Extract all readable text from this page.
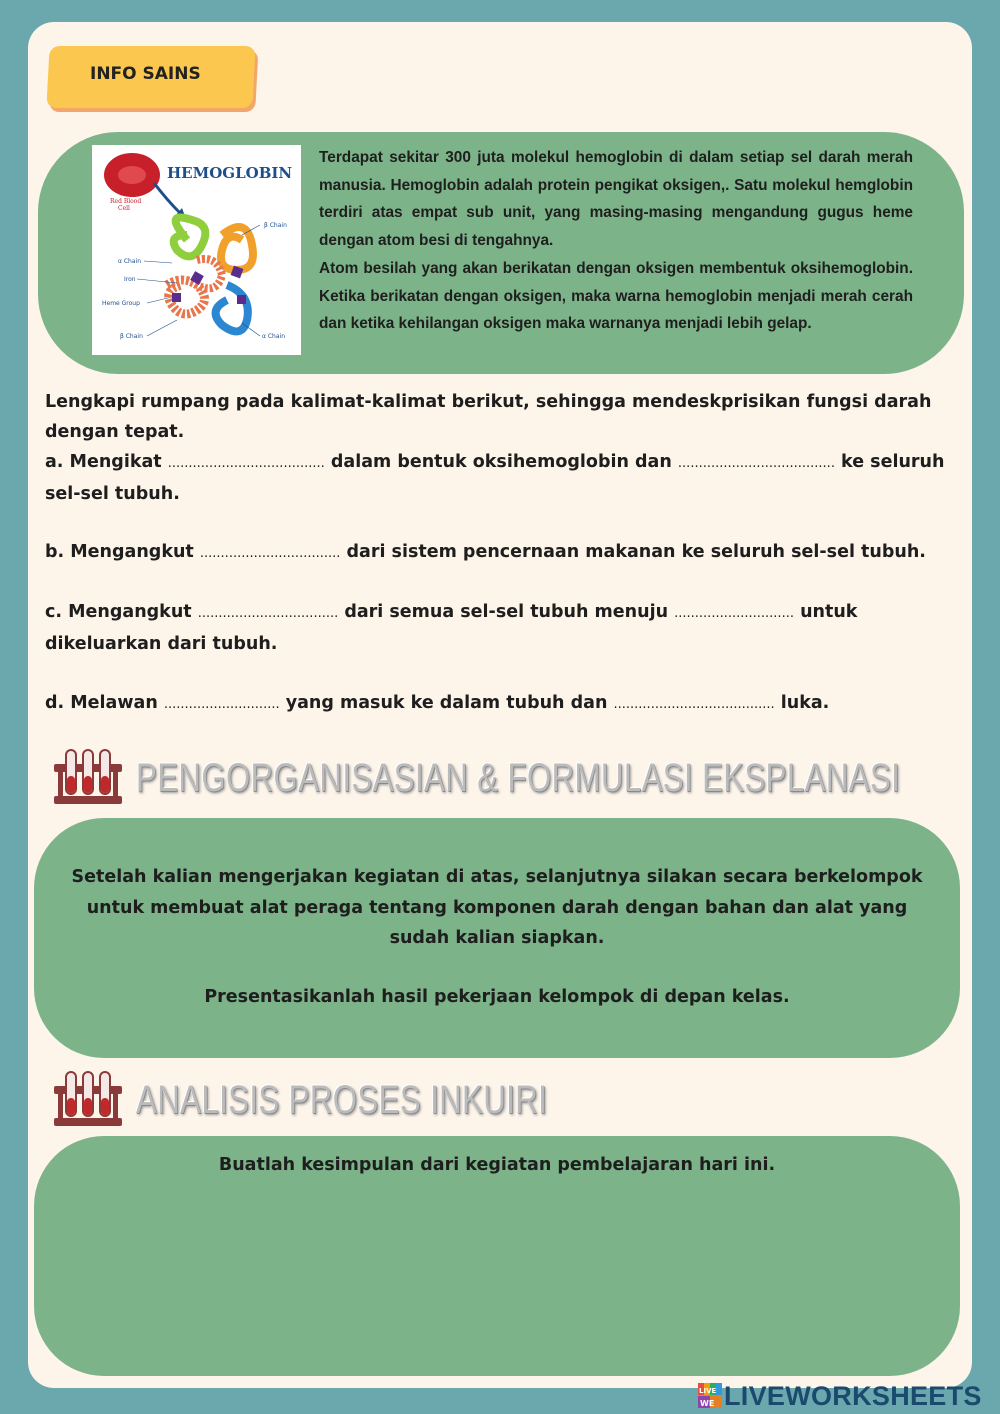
INFO SAINS
HEMOGLOBIN
Red Blood
Cell
β Chain
α Chain
Iron
Heme Group
β Chain	α Chain

Terdapat sekitar 300 juta molekul hemoglobin di dalam setiap sel darah merah manusia. Hemoglobin adalah protein pengikat oksigen,. Satu molekul hemglobin terdiri atas empat sub unit, yang masing-masing mengandung gugus heme dengan atom besi di tengahnya.

Atom besilah yang akan berikatan dengan oksigen membentuk oksihemoglobin. Ketika berikatan dengan oksigen, maka warna hemoglobin menjadi merah cerah dan ketika kehilangan oksigen maka warnanya menjadi lebih gelap.

Lengkapi rumpang pada kalimat-kalimat berikut, sehingga mendeskprisikan fungsi darah dengan tepat.
a. Mengikat ...................................... dalam bentuk oksihemoglobin dan ...................................... ke seluruh sel-sel tubuh.
b. Mengangkut .................................. dari sistem pencernaan makanan ke seluruh sel-sel tubuh.
c. Mengangkut .................................. dari semua sel-sel tubuh menuju ............................. untuk dikeluarkan dari tubuh.
d. Melawan ............................ yang masuk ke dalam tubuh dan ....................................... luka.
PENGORGANISASIAN & FORMULASI EKSPLANASI
Setelah kalian mengerjakan kegiatan di atas, selanjutnya silakan secara berkelompok untuk membuat alat peraga tentang komponen darah dengan bahan dan alat yang sudah kalian siapkan.
Presentasikanlah hasil pekerjaan kelompok di depan kelas.
ANALISIS PROSES INKUIRI
Buatlah kesimpulan dari kegiatan pembelajaran hari ini.
LIVE
WE LIVEWORKSHEETS
